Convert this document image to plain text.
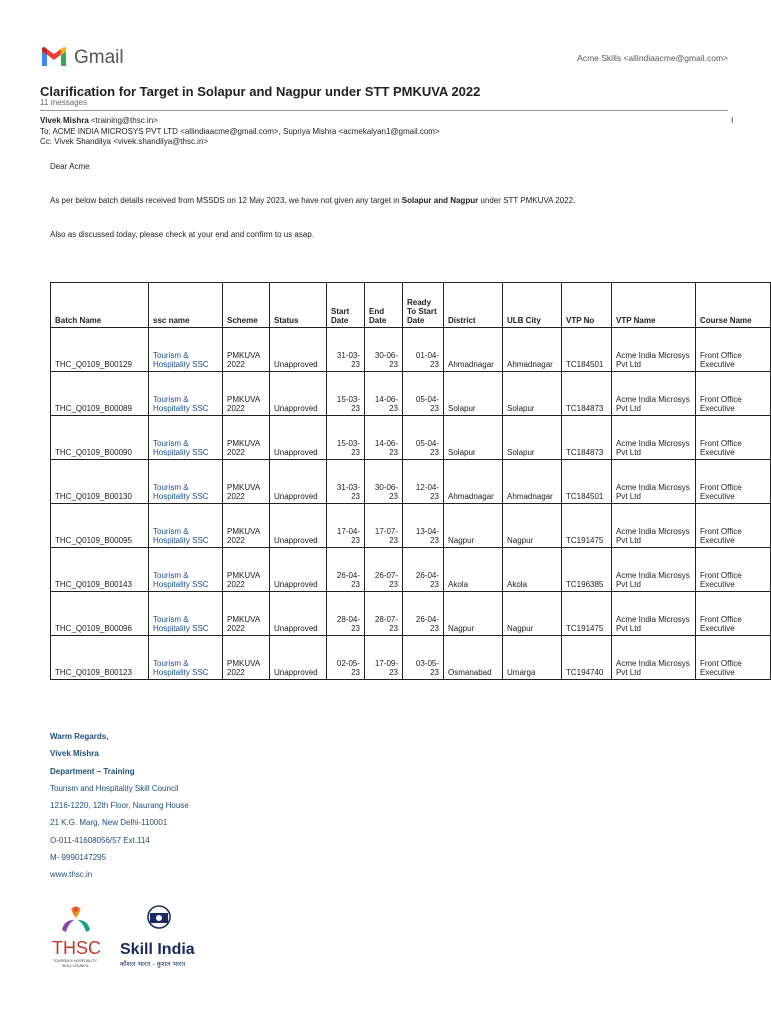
Gmail	Acme Skills <allindiaacme@gmail.com>
Clarification for Target in Solapur and Nagpur under STT PMKUVA 2022
11 messages
Vivek Mishra <training@thsc.in>
To: ACME INDIA MICROSYS PVT LTD <allindiaacme@gmail.com>, Supriya Mishra <acmekalyan1@gmail.com>
Cc: Vivek Shandilya <vivek.shandilya@thsc.in>
I
Dear Acme
As per below batch details received from MSSDS on 12 May 2023, we have not given any target in Solapur and Nagpur under STT PMKUVA 2022.
Also as discussed today, please check at your end and confirm to us asap.
Batch Name	ssc name	Scheme	Status	Start Date	End Date	Ready To Start Date	District	ULB City	VTP No	VTP Name	Course Name
THC_Q0109_B00129	Tourism & Hospitality SSC	PMKUVA 2022	Unapproved	31-03-23	30-06-23	01-04-23	Ahmadnagar	Ahmadnagar	TC184501	Acme India Microsys Pvt Ltd	Front Office Executive
THC_Q0109_B00089	Tourism & Hospitality SSC	PMKUVA 2022	Unapproved	15-03-23	14-06-23	05-04-23	Solapur	Solapur	TC184873	Acme India Microsys Pvt Ltd	Front Office Executive
THC_Q0109_B00090	Tourism & Hospitality SSC	PMKUVA 2022	Unapproved	15-03-23	14-06-23	05-04-23	Solapur	Solapur	TC184873	Acme India Microsys Pvt Ltd	Front Office Executive
THC_Q0109_B00130	Tourism & Hospitality SSC	PMKUVA 2022	Unapproved	31-03-23	30-06-23	12-04-23	Ahmadnagar	Ahmadnagar	TC184501	Acme India Microsys Pvt Ltd	Front Office Executive
THC_Q0109_B00095	Tourism & Hospitality SSC	PMKUVA 2022	Unapproved	17-04-23	17-07-23	13-04-23	Nagpur	Nagpur	TC191475	Acme India Microsys Pvt Ltd	Front Office Executive
THC_Q0109_B00143	Tourism & Hospitality SSC	PMKUVA 2022	Unapproved	26-04-23	26-07-23	26-04-23	Akola	Akola	TC196385	Acme India Microsys Pvt Ltd	Front Office Executive
THC_Q0109_B00096	Tourism & Hospitality SSC	PMKUVA 2022	Unapproved	28-04-23	28-07-23	26-04-23	Nagpur	Nagpur	TC191475	Acme India Microsys Pvt Ltd	Front Office Executive
THC_Q0109_B00123	Tourism & Hospitality SSC	PMKUVA 2022	Unapproved	02-05-23	17-09-23	03-05-23	Osmanabad	Umarga	TC194740	Acme India Microsys Pvt Ltd	Front Office Executive
Warm Regards,
Vivek Mishra
Department – Training
Tourism and Hospitality Skill Council
1216-1220, 12th Floor, Naurang House
21 K.G. Marg, New Delhi-110001
O-011-41608056/57 Ext.114
M- 9990147295
www.thsc.in
THSC
TOURISM & HOSPITALITY
SKILL COUNCIL
Skill India
कौशल भारत - कुशल भारत
